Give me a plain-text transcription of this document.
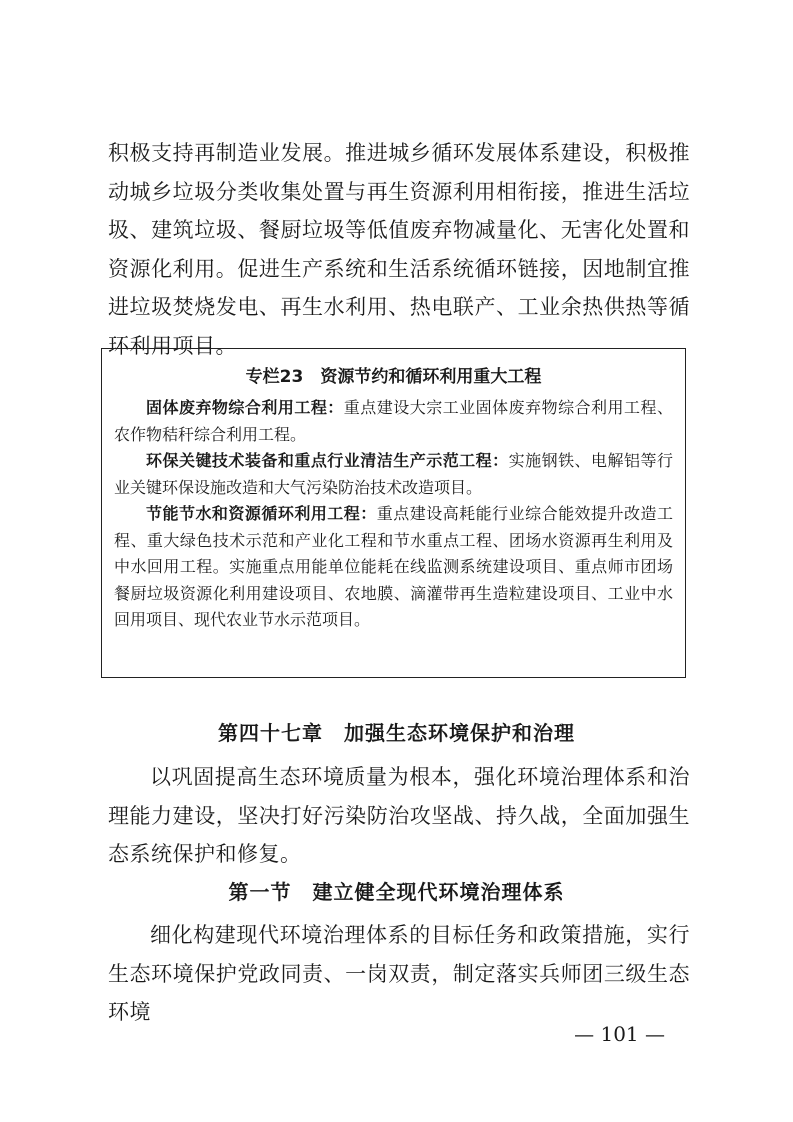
积极支持再制造业发展。推进城乡循环发展体系建设，积极推动城乡垃圾分类收集处置与再生资源利用相衔接，推进生活垃圾、建筑垃圾、餐厨垃圾等低值废弃物减量化、无害化处置和资源化利用。促进生产系统和生活系统循环链接，因地制宜推进垃圾焚烧发电、再生水利用、热电联产、工业余热供热等循环利用项目。

专栏23　资源节约和循环利用重大工程

固体废弃物综合利用工程：重点建设大宗工业固体废弃物综合利用工程、农作物秸秆综合利用工程。

环保关键技术装备和重点行业清洁生产示范工程：实施钢铁、电解铝等行业关键环保设施改造和大气污染防治技术改造项目。

节能节水和资源循环利用工程：重点建设高耗能行业综合能效提升改造工程、重大绿色技术示范和产业化工程和节水重点工程、团场水资源再生利用及中水回用工程。实施重点用能单位能耗在线监测系统建设项目、重点师市团场餐厨垃圾资源化利用建设项目、农地膜、滴灌带再生造粒建设项目、工业中水回用项目、现代农业节水示范项目。

第四十七章　加强生态环境保护和治理

以巩固提高生态环境质量为根本，强化环境治理体系和治理能力建设，坚决打好污染防治攻坚战、持久战，全面加强生态系统保护和修复。

第一节　建立健全现代环境治理体系

细化构建现代环境治理体系的目标任务和政策措施，实行生态环境保护党政同责、一岗双责，制定落实兵师团三级生态环境

— 101 —
